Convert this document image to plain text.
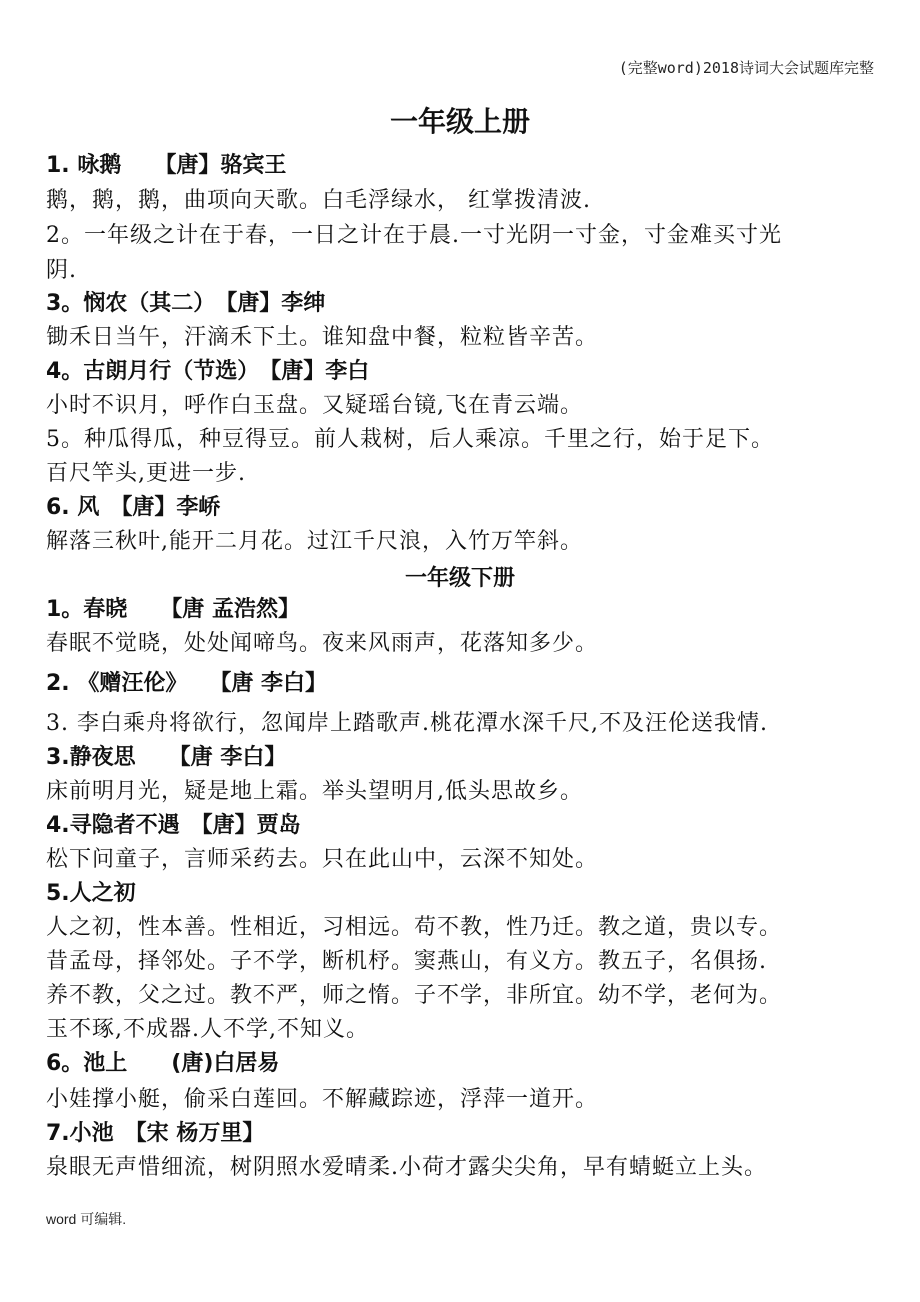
(完整word)2018诗词大会试题库完整
一年级上册
一年级下册
1. 咏鹅　　【唐】骆宾王
鹅，鹅，鹅，曲项向天歌。白毛浮绿水， 红掌拨清波.
2。一年级之计在于春，一日之计在于晨.一寸光阴一寸金，寸金难买寸光
阴.
3。悯农（其二）　【唐】李绅
锄禾日当午，汗滴禾下土。谁知盘中餐，粒粒皆辛苦。
4。古朗月行（节选）　【唐】李白
小时不识月，呼作白玉盘。又疑瑶台镜,飞在青云端。
5。种瓜得瓜，种豆得豆。前人栽树，后人乘凉。千里之行，始于足下。
百尺竿头,更进一步.
6. 风　【唐】李峤
解落三秋叶,能开二月花。过江千尺浪，入竹万竿斜。
1。春晓　　【唐 孟浩然】
春眠不觉晓，处处闻啼鸟。夜来风雨声，花落知多少。
2. 《赠汪伦》　　【唐 李白】
3. 李白乘舟将欲行，忽闻岸上踏歌声.桃花潭水深千尺,不及汪伦送我情.
3.静夜思　　【唐 李白】
床前明月光，疑是地上霜。举头望明月,低头思故乡。
4.寻隐者不遇　【唐】贾岛
松下问童子，言师采药去。只在此山中，云深不知处。
5.人之初
人之初，性本善。性相近，习相远。苟不教，性乃迁。教之道，贵以专。
昔孟母，择邻处。子不学，断机杼。窦燕山，有义方。教五子，名俱扬.
养不教，父之过。教不严，师之惰。子不学，非所宜。幼不学，老何为。
玉不琢,不成器.人不学,不知义。
6。池上　　(唐)白居易
小娃撑小艇，偷采白莲回。不解藏踪迹，浮萍一道开。
7.小池　【宋 杨万里】
泉眼无声惜细流，树阴照水爱晴柔.小荷才露尖尖角，早有蜻蜓立上头。
word 可编辑.
